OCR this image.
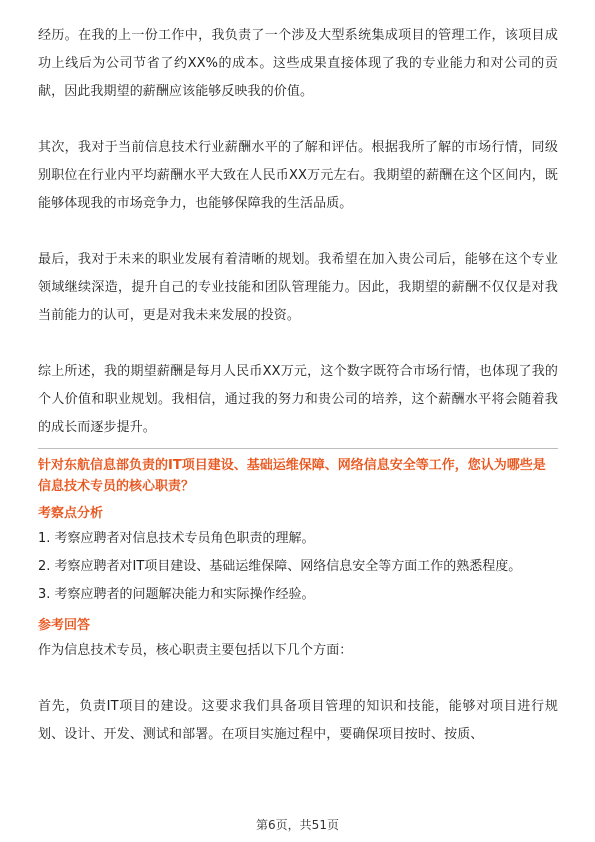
经历。在我的上一份工作中，我负责了一个涉及大型系统集成项目的管理工作，该项目成功上线后为公司节省了约XX%的成本。这些成果直接体现了我的专业能力和对公司的贡献，因此我期望的薪酬应该能够反映我的价值。

其次，我对于当前信息技术行业薪酬水平的了解和评估。根据我所了解的市场行情，同级别职位在行业内平均薪酬水平大致在人民币XX万元左右。我期望的薪酬在这个区间内，既能够体现我的市场竞争力，也能够保障我的生活品质。

最后，我对于未来的职业发展有着清晰的规划。我希望在加入贵公司后，能够在这个专业领域继续深造，提升自己的专业技能和团队管理能力。因此，我期望的薪酬不仅仅是对我当前能力的认可，更是对我未来发展的投资。

综上所述，我的期望薪酬是每月人民币XX万元，这个数字既符合市场行情，也体现了我的个人价值和职业规划。我相信，通过我的努力和贵公司的培养，这个薪酬水平将会随着我的成长而逐步提升。

针对东航信息部负责的IT项目建设、基础运维保障、网络信息安全等工作，您认为哪些是信息技术专员的核心职责？

考察点分析

1. 考察应聘者对信息技术专员角色职责的理解。

2. 考察应聘者对IT项目建设、基础运维保障、网络信息安全等方面工作的熟悉程度。

3. 考察应聘者的问题解决能力和实际操作经验。

参考回答

作为信息技术专员，核心职责主要包括以下几个方面：

首先，负责IT项目的建设。这要求我们具备项目管理的知识和技能，能够对项目进行规划、设计、开发、测试和部署。在项目实施过程中，要确保项目按时、按质、

第6页，共51页
